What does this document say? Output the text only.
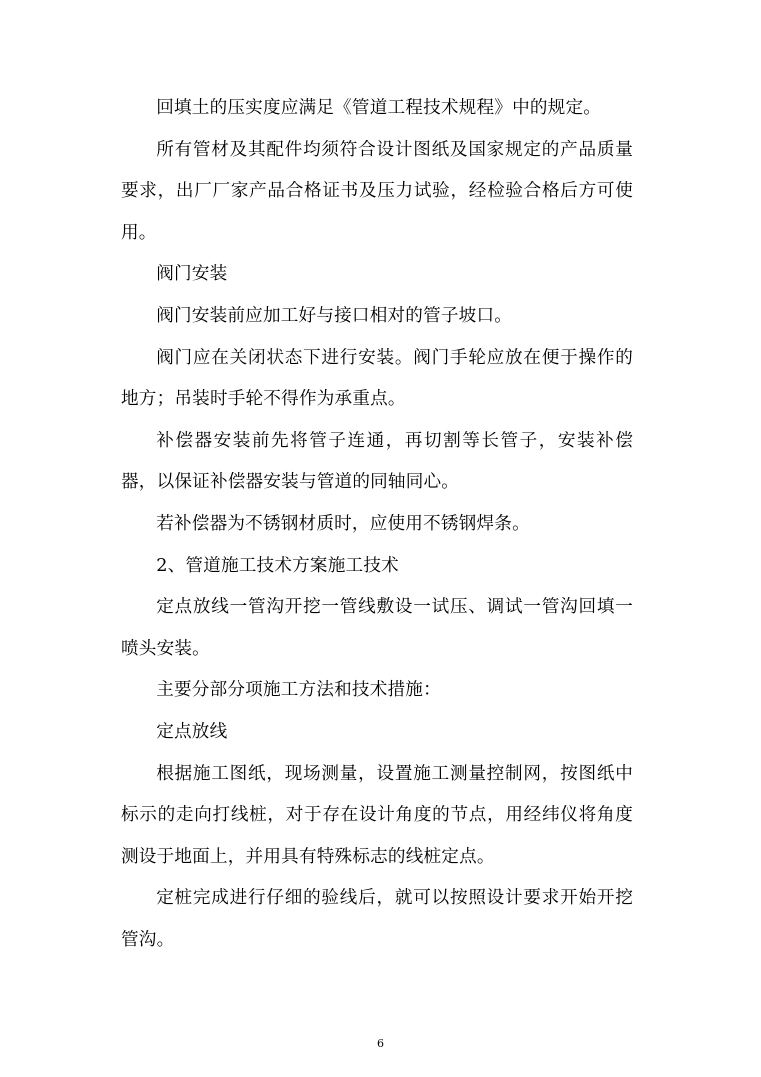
回填土的压实度应满足《管道工程技术规程》中的规定。

所有管材及其配件均须符合设计图纸及国家规定的产品质量要求，出厂厂家产品合格证书及压力试验，经检验合格后方可使用。

阀门安装

阀门安装前应加工好与接口相对的管子坡口。

阀门应在关闭状态下进行安装。阀门手轮应放在便于操作的地方；吊装时手轮不得作为承重点。

补偿器安装前先将管子连通，再切割等长管子，安装补偿器，以保证补偿器安装与管道的同轴同心。

若补偿器为不锈钢材质时，应使用不锈钢焊条。

2、管道施工技术方案施工技术

定点放线一管沟开挖一管线敷设一试压、调试一管沟回填一喷头安装。

主要分部分项施工方法和技术措施：

定点放线

根据施工图纸，现场测量，设置施工测量控制网，按图纸中标示的走向打线桩，对于存在设计角度的节点，用经纬仪将角度测设于地面上，并用具有特殊标志的线桩定点。

定桩完成进行仔细的验线后，就可以按照设计要求开始开挖管沟。

6
